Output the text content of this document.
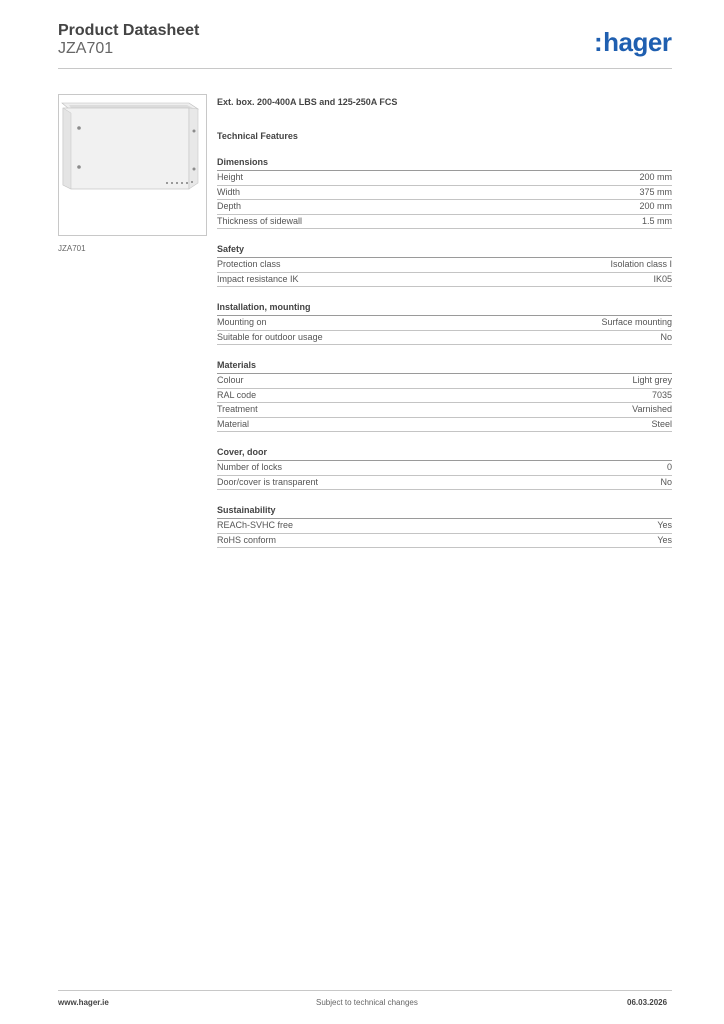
Product Datasheet
JZA701	:hager
JZA701
Ext. box. 200-400A LBS and 125-250A FCS
Technical Features
Dimensions
Height	200 mm
Width	375 mm
Depth	200 mm
Thickness of sidewall	1.5 mm
Safety
Protection class	Isolation class I
Impact resistance IK	IK05
Installation, mounting
Mounting on	Surface mounting
Suitable for outdoor usage	No
Materials
Colour	Light grey
RAL code	7035
Treatment	Varnished
Material	Steel
Cover, door
Number of locks	0
Door/cover is transparent	No
Sustainability
REACh-SVHC free	Yes
RoHS conform	Yes
www.hager.ie	Subject to technical changes	06.03.2026
